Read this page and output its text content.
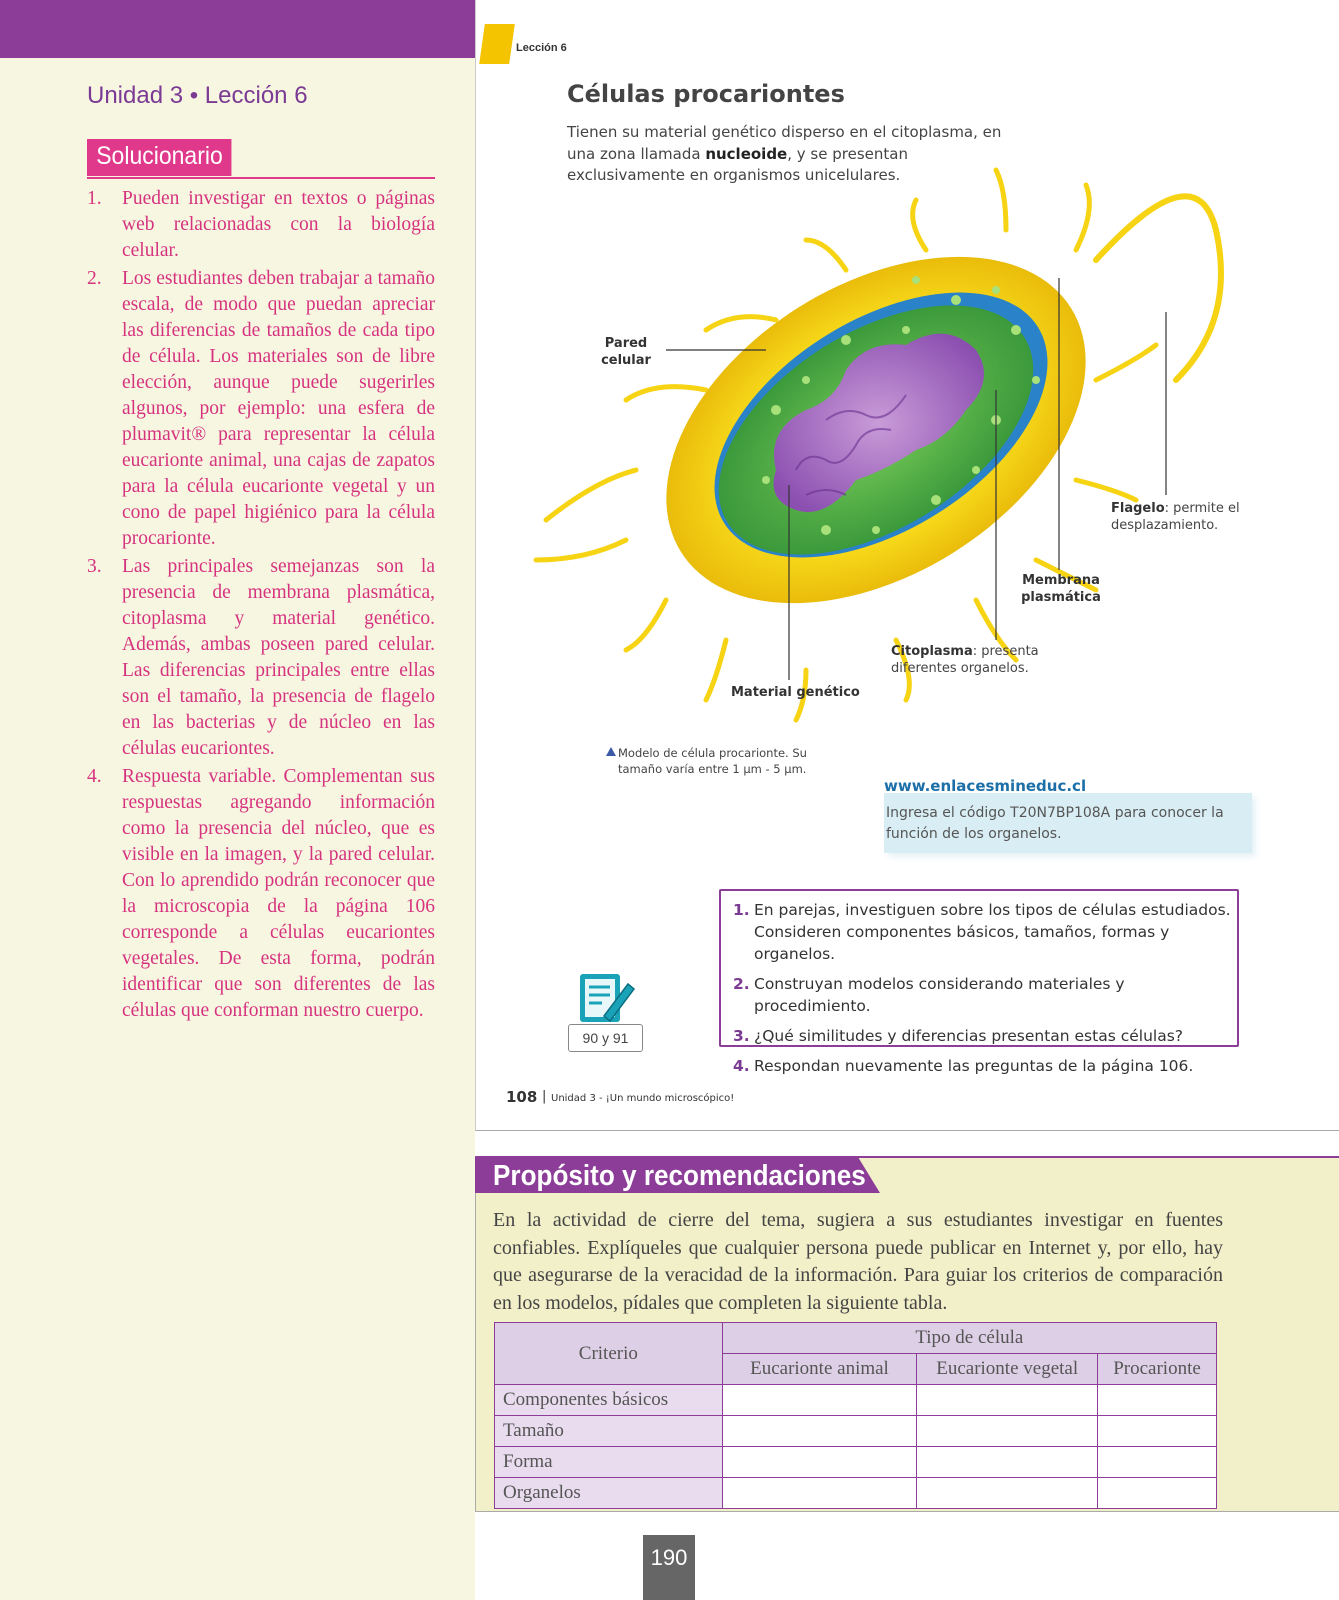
Unidad 3 • Lección 6
Solucionario
1. Pueden investigar en textos o páginas web relacionadas con la biología celular.
2. Los estudiantes deben trabajar a tamaño escala, de modo que puedan apreciar las diferencias de tamaños de cada tipo de célula. Los materiales son de libre elección, aunque puede sugerirles algunos, por ejemplo: una esfera de plumavit® para representar la célula eucarionte animal, una cajas de zapatos para la célula eucarionte vegetal y un cono de papel higiénico para la célula procarionte.
3. Las principales semejanzas son la presencia de membrana plasmática, citoplasma y material genético. Además, ambas poseen pared celular. Las diferencias principales entre ellas son el tamaño, la presencia de flagelo en las bacterias y de núcleo en las células eucariontes.
4. Respuesta variable. Complementan sus respuestas agregando información como la presencia del núcleo, que es visible en la imagen, y la pared celular. Con lo aprendido podrán reconocer que la microscopia de la página 106 corresponde a células eucariontes vegetales. De esta forma, podrán identificar que son diferentes de las células que conforman nuestro cuerpo.
Lección 6
Células procariontes
Tienen su material genético disperso en el citoplasma, en una zona llamada nucleoide, y se presentan exclusivamente en organismos unicelulares.
Pared celular
Flagelo: permite el desplazamiento.
Membrana plasmática
Citoplasma: presenta diferentes organelos.
Material genético
Modelo de célula procarionte. Su tamaño varía entre 1 µm - 5 µm.
www.enlacesmineduc.cl
Ingresa el código T20N7BP108A para conocer la función de los organelos.
1. En parejas, investiguen sobre los tipos de células estudiados. Consideren componentes básicos, tamaños, formas y organelos.
2. Construyan modelos considerando materiales y procedimiento.
3. ¿Qué similitudes y diferencias presentan estas células?
4. Respondan nuevamente las preguntas de la página 106.
90 y 91
108 | Unidad 3 - ¡Un mundo microscópico!
Propósito y recomendaciones
En la actividad de cierre del tema, sugiera a sus estudiantes investigar en fuentes confiables. Explíqueles que cualquier persona puede publicar en Internet y, por ello, hay que asegurarse de la veracidad de la información. Para guiar los criterios de comparación en los modelos, pídales que completen la siguiente tabla.
Criterio	Tipo de célula		
	Eucarionte animal	Eucarionte vegetal	Procarionte
Componentes básicos			
Tamaño			
Forma			
Organelos			
190
